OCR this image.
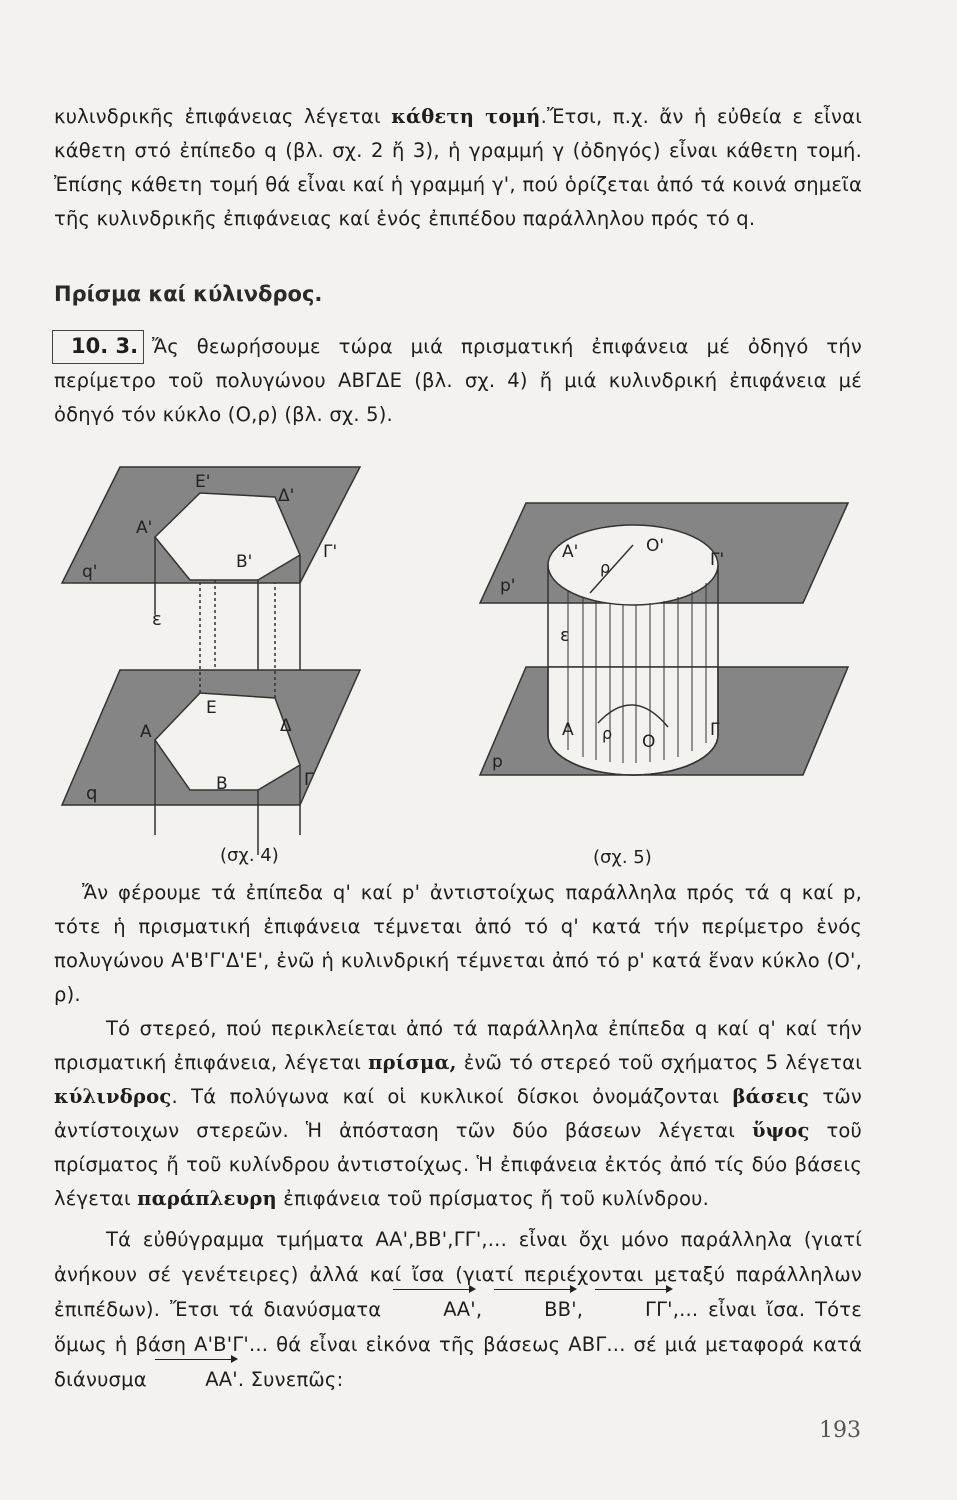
κυλινδρικῆς ἐπιφάνειας λέγεται κάθετη τομή.Ἔτσι, π.χ. ἄν ἡ εὐθεία ε εἶναι κάθετη στό ἐπίπεδο q (βλ. σχ. 2 ἤ 3), ἡ γραμμή γ (ὀδηγός) εἶναι κάθετη τομή. Ἐπίσης κάθετη τομή θά εἶναι καί ἡ γραμμή γ', πού ὁρίζεται ἀπό τά κοινά σημεῖα τῆς κυλινδρικῆς ἐπιφάνειας καί ἑνός ἐπιπέδου παράλληλου πρός τό q.

Πρίσμα καί κύλινδρος.
10. 3. Ἄς θεωρήσουμε τώρα μιά πρισματική ἐπιφάνεια μέ ὀδηγό τήν περίμετρο τοῦ πολυγώνου ΑΒΓΔΕ (βλ. σχ. 4) ἤ μιά κυλινδρική ἐπιφάνεια μέ ὀδηγό τόν κύκλο (Ο,ρ) (βλ. σχ. 5).

Ε'
Δ'
Α'
Β'	Γ'
q'
ε
Ε
Δ
Α
Β	Γ
q
(σχ. 4)
Α'	Ο'
ρ	Γ'
p'
ε
Α ρ Ο
Γ
p
(σχ. 5)

Ἄν φέρουμε τά ἐπίπεδα q' καί p' ἀντιστοίχως παράλληλα πρός τά q καί p, τότε ἡ πρισματική ἐπιφάνεια τέμνεται ἀπό τό q' κατά τήν περίμετρο ἑνός πολυγώνου Α'Β'Γ'Δ'Ε', ἐνῶ ἡ κυλινδρική τέμνεται ἀπό τό p' κατά ἕναν κύκλο (Ο', ρ).

Τό στερεό, πού περικλείεται ἀπό τά παράλληλα ἐπίπεδα q καί q' καί τήν πρισματική ἐπιφάνεια, λέγεται πρίσμα, ἐνῶ τό στερεό τοῦ σχήματος 5 λέγεται κύλινδρος. Τά πολύγωνα καί οἱ κυκλικοί δίσκοι ὀνομάζονται βάσεις τῶν ἀντίστοιχων στερεῶν. Ἡ ἀπόσταση τῶν δύο βάσεων λέγεται ὕψος τοῦ πρίσματος ἤ τοῦ κυλίνδρου ἀντιστοίχως. Ἡ ἐπιφάνεια ἐκτός ἀπό τίς δύο βάσεις λέγεται παράπλευρη ἐπιφάνεια τοῦ πρίσματος ἤ τοῦ κυλίνδρου.

Τά εὐθύγραμμα τμήματα ΑΑ',ΒΒ',ΓΓ',... εἶναι ὄχι μόνο παράλληλα (γιατί ἀνήκουν σέ γενέτειρες) ἀλλά καί ἴσα (γιατί περιέχονται μεταξύ παράλληλων ἐπιπέδων). Ἔτσι τά διανύσματα	ΑΑ',	ΒΒ',	ΓΓ',... εἶναι ἴσα. Τότε ὅμως ἡ βάση Α'Β'Γ'... θά εἶναι εἰκόνα τῆς βάσεως ΑΒΓ... σέ μιά μεταφορά κατά διάνυσμα	ΑΑ'. Συνεπῶς:

193
